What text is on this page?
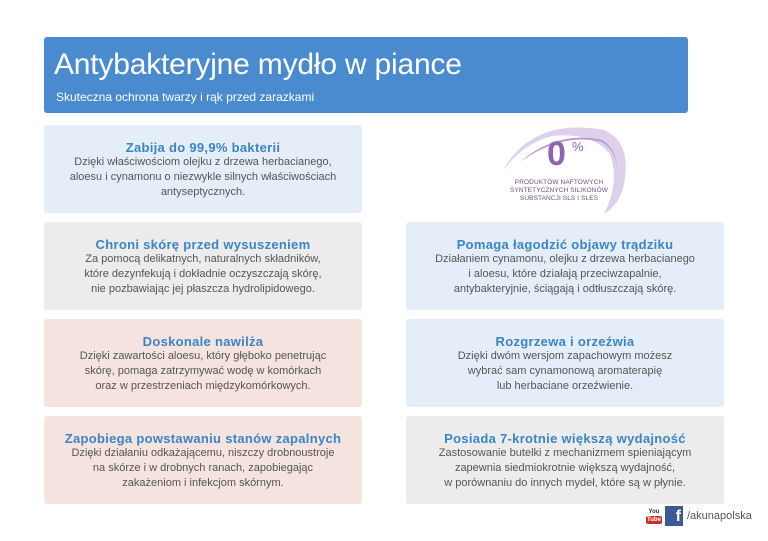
Antybakteryjne mydło w piance
Skuteczna ochrona twarzy i rąk przed zarazkami
0 %
PRODUKTÓW NAFTOWYCH
SYNTETYCZNYCH SILIKONÓW
SUBSTANCJI SLS I SLES
Zabija do 99,9% bakterii
Dzięki właściwościom olejku z drzewa herbacianego,
aloesu i cynamonu o niezwykle silnych właściwościach
antyseptycznych.
Chroni skórę przed wysuszeniem
Za pomocą delikatnych, naturalnych składników,
które dezynfekują i dokładnie oczyszczają skórę,
nie pozbawiając jej płaszcza hydrolipidowego.
Pomaga łagodzić objawy trądziku
Działaniem cynamonu, olejku z drzewa herbacianego
i aloesu, które działają przeciwzapalnie,
antybakteryjnie, ściągają i odtłuszczają skórę.
Doskonale nawilża
Dzięki zawartości aloesu, który głęboko penetrując
skórę, pomaga zatrzymywać wodę w komórkach
oraz w przestrzeniach międzykomórkowych.
Rozgrzewa i orzeźwia
Dzięki dwóm wersjom zapachowym możesz
wybrać sam cynamonową aromaterapię
lub herbaciane orzeźwienie.
Zapobiega powstawaniu stanów zapalnych
Dzięki działaniu odkażającemu, niszczy drobnoustroje
na skórze i w drobnych ranach, zapobiegając
zakażeniom i infekcjom skórnym.
Posiada 7-krotnie większą wydajność
Zastosowanie butelki z mechanizmem spieniającym
zapewnia siedmiokrotnie większą wydajność,
w porównaniu do innych mydeł, które są w płynie.
You
Tube f /akunapolska
